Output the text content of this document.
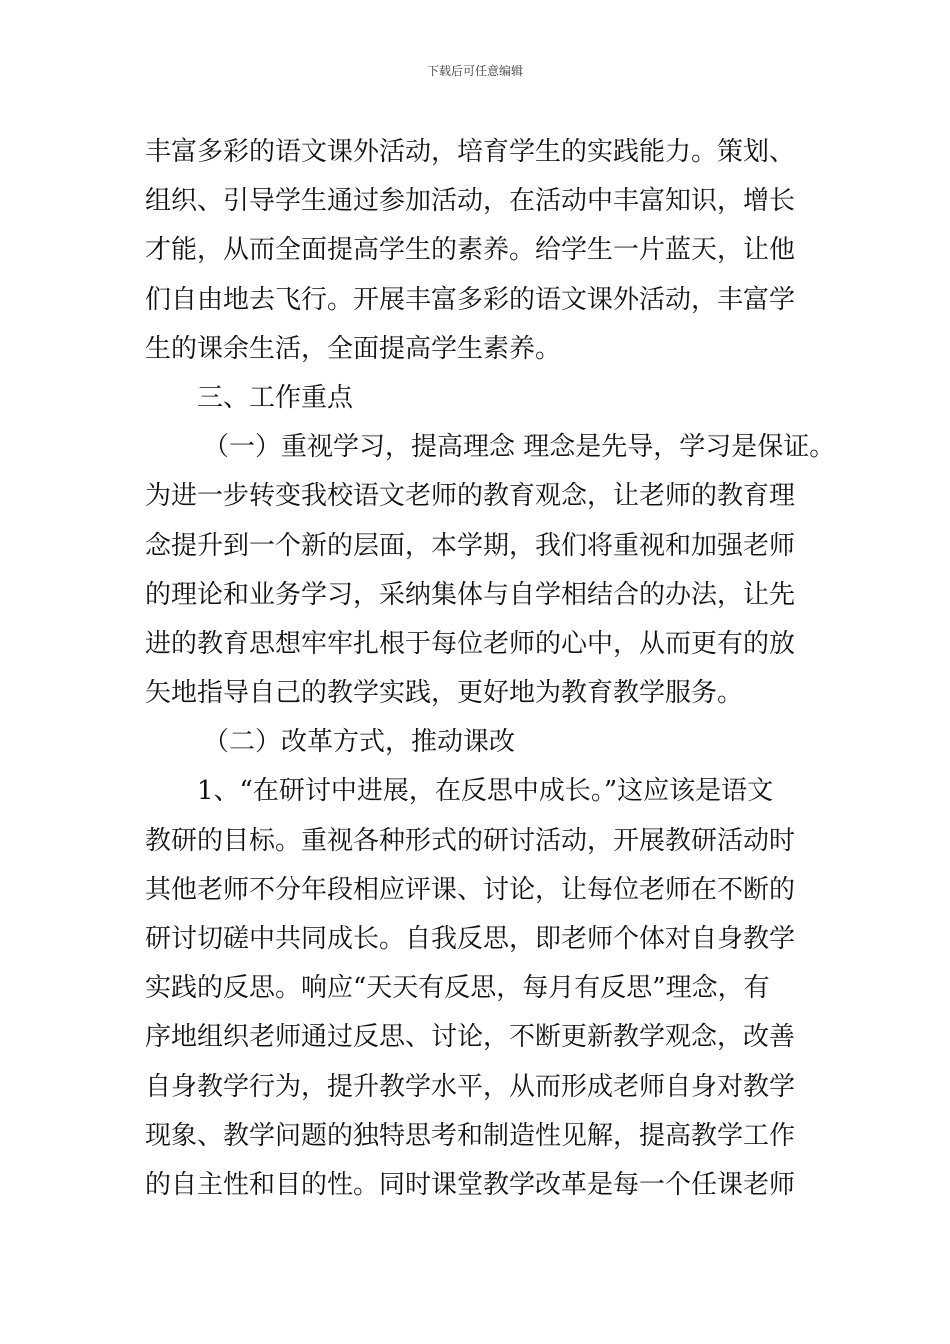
下载后可任意编辑
丰富多彩的语文课外活动，培育学生的实践能力。策划、
组织、引导学生通过参加活动，在活动中丰富知识，增长
才能，从而全面提高学生的素养。给学生一片蓝天，让他
们自由地去飞行。开展丰富多彩的语文课外活动，丰富学
生的课余生活，全面提高学生素养。
三、工作重点
（一）重视学习，提高理念 理念是先导，学习是保证。
为进一步转变我校语文老师的教育观念，让老师的教育理
念提升到一个新的层面，本学期，我们将重视和加强老师
的理论和业务学习，采纳集体与自学相结合的办法，让先
进的教育思想牢牢扎根于每位老师的心中，从而更有的放
矢地指导自己的教学实践，更好地为教育教学服务。
（二）改革方式，推动课改
1、“在研讨中进展，在反思中成长。”这应该是语文
教研的目标。重视各种形式的研讨活动，开展教研活动时
其他老师不分年段相应评课、讨论，让每位老师在不断的
研讨切磋中共同成长。自我反思，即老师个体对自身教学
实践的反思。响应“天天有反思，每月有反思”理念，有
序地组织老师通过反思、讨论，不断更新教学观念，改善
自身教学行为，提升教学水平，从而形成老师自身对教学
现象、教学问题的独特思考和制造性见解，提高教学工作
的自主性和目的性。同时课堂教学改革是每一个任课老师
